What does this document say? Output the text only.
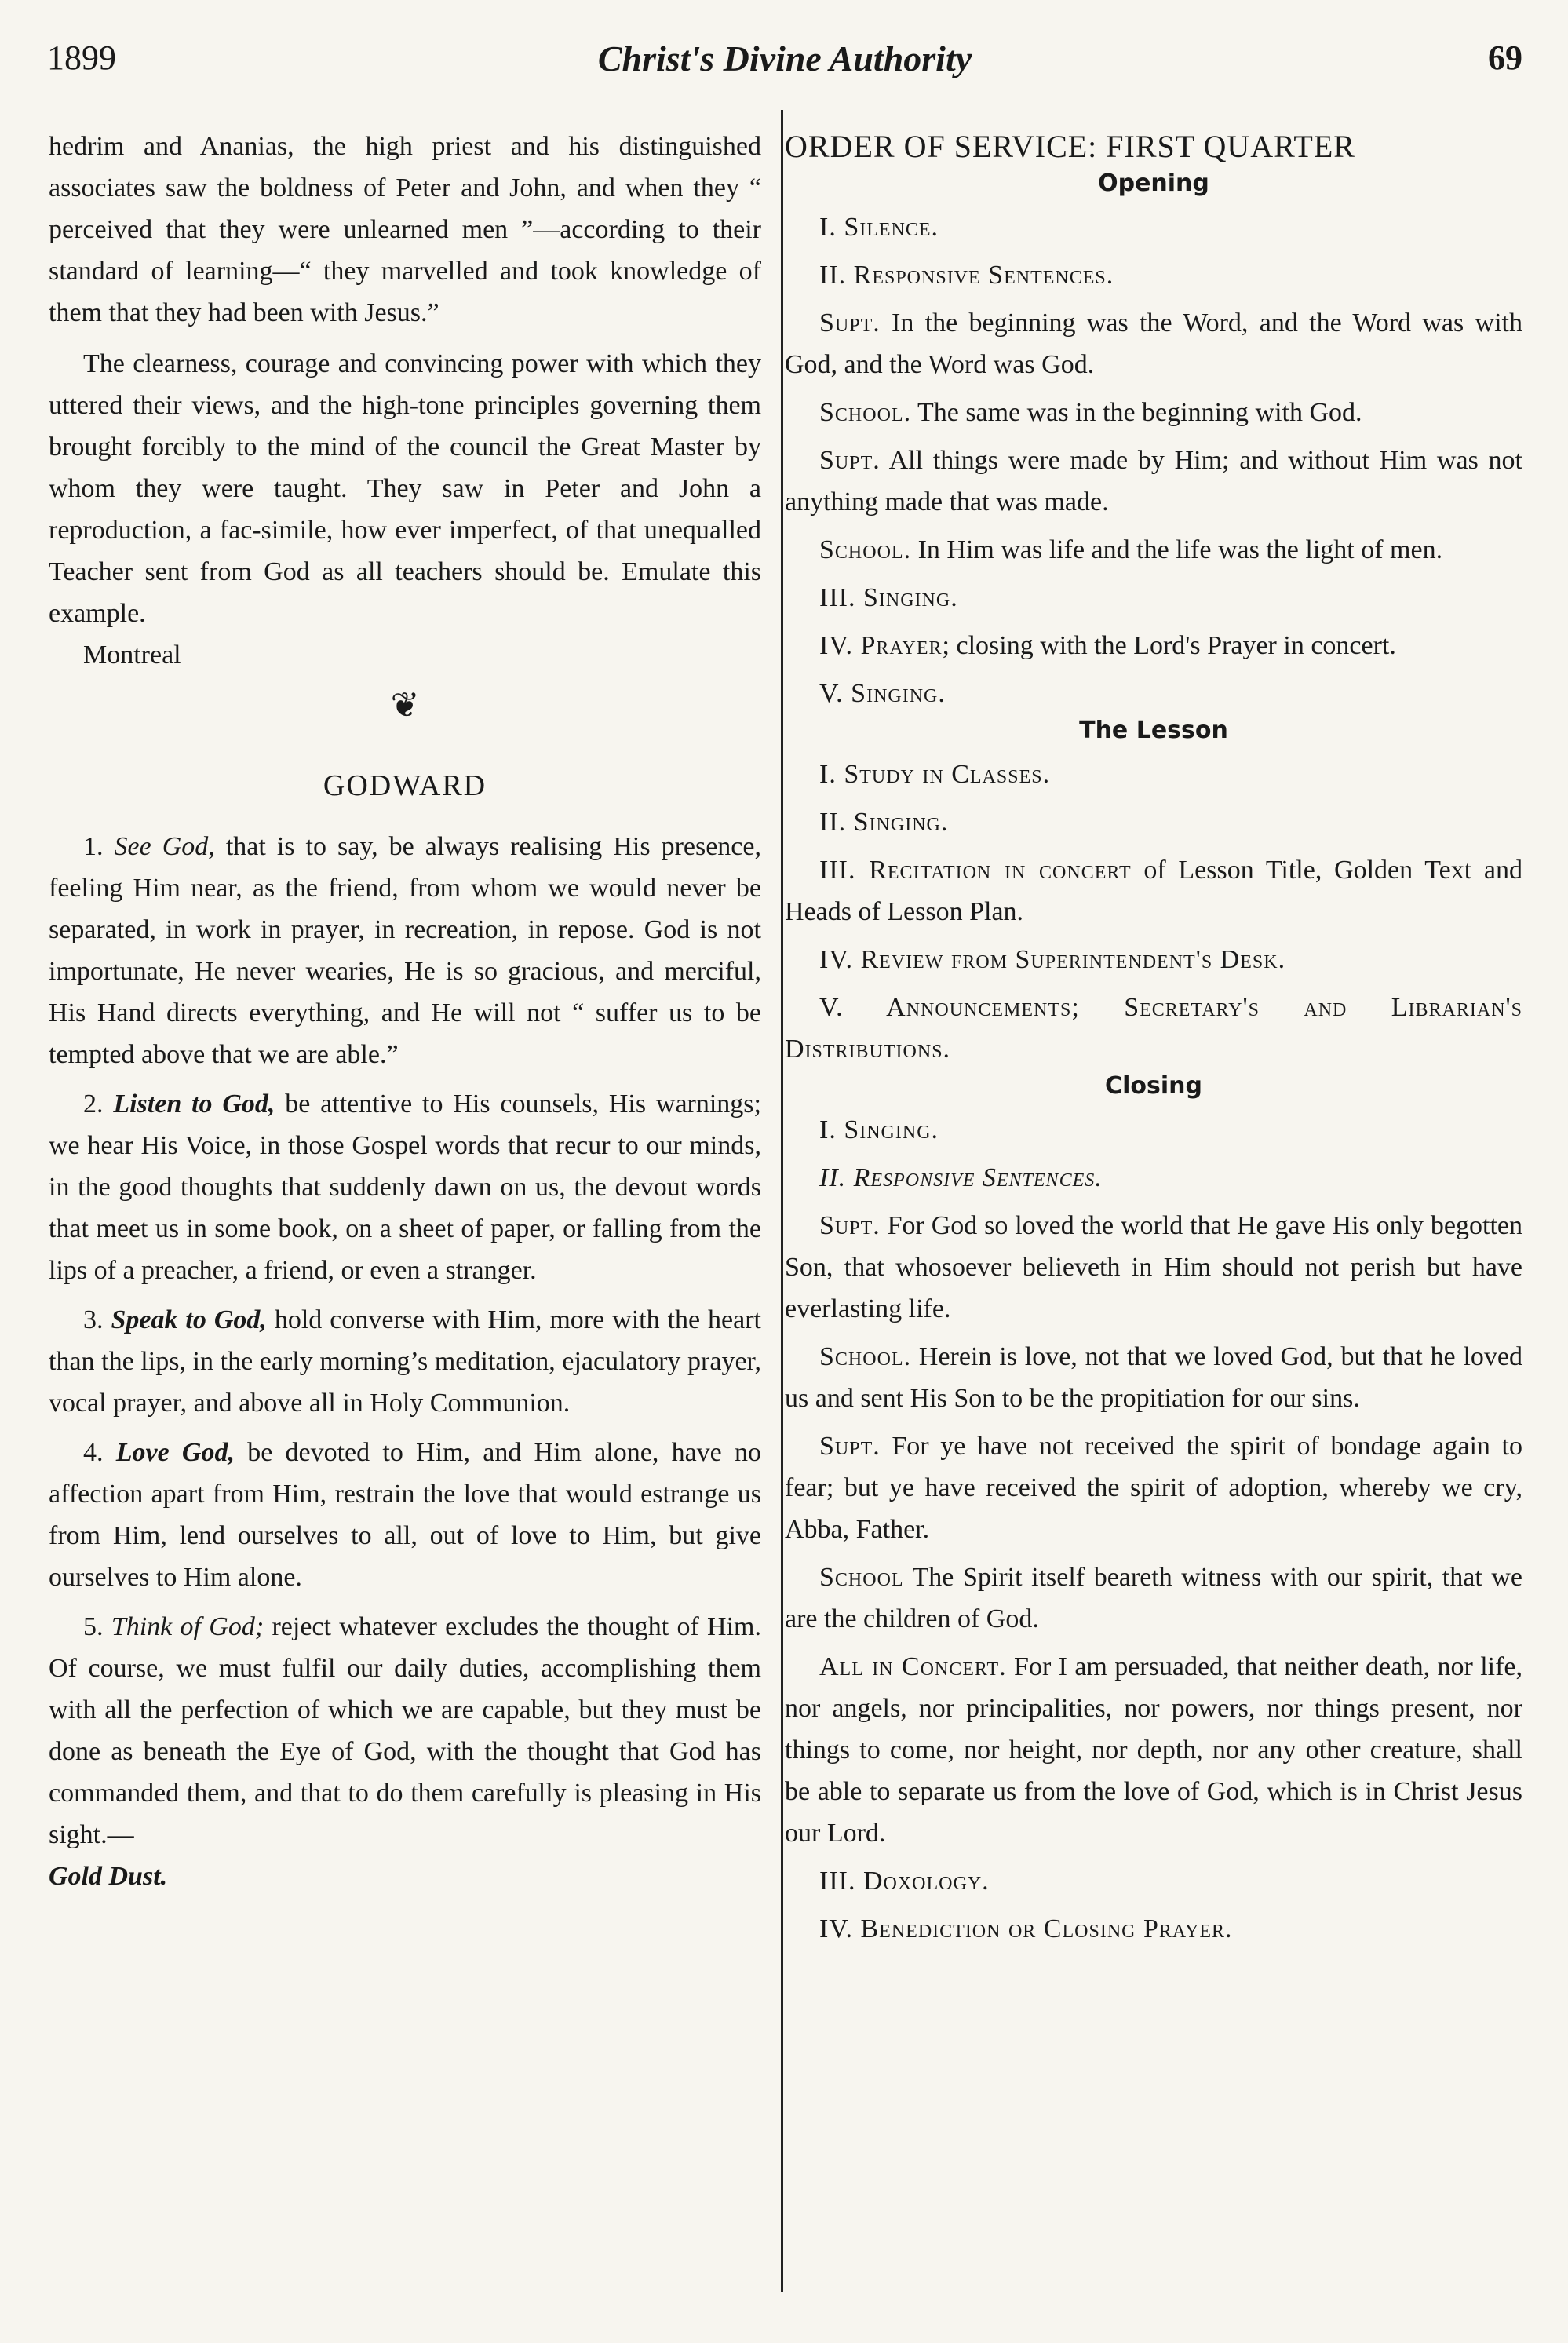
1899	Christ's Divine Authority	69

hedrim and Ananias, the high priest and his distinguished associates saw the boldness of Peter and John, and when they “ perceived that they were unlearned men ”—according to their standard of learning—“ they marvelled and took knowledge of them that they had been with Jesus.”

The clearness, courage and convincing power with which they uttered their views, and the high-tone principles governing them brought forcibly to the mind of the council the Great Master by whom they were taught. They saw in Peter and John a reproduction, a fac-simile, how ever imperfect, of that unequalled Teacher sent from God as all teachers should be. Emulate this example.

Montreal

❦
GODWARD

1. See God, that is to say, be always realising His presence, feeling Him near, as the friend, from whom we would never be separated, in work in prayer, in recreation, in repose. God is not importunate, He never wearies, He is so gracious, and merciful, His Hand directs everything, and He will not “ suffer us to be tempted above that we are able.”

2. Listen to God, be attentive to His counsels, His warnings; we hear His Voice, in those Gospel words that recur to our minds, in the good thoughts that suddenly dawn on us, the devout words that meet us in some book, on a sheet of paper, or falling from the lips of a preacher, a friend, or even a stranger.

3. Speak to God, hold converse with Him, more with the heart than the lips, in the early morning’s meditation, ejaculatory prayer, vocal prayer, and above all in Holy Communion.

4. Love God, be devoted to Him, and Him alone, have no affection apart from Him, restrain the love that would estrange us from Him, lend ourselves to all, out of love to Him, but give ourselves to Him alone.

5. Think of God; reject whatever excludes the thought of Him. Of course, we must fulfil our daily duties, accomplishing them with all the perfection of which we are capable, but they must be done as beneath the Eye of God, with the thought that God has commanded them, and that to do them carefully is pleasing in His sight.—
Gold Dust.

ORDER OF SERVICE: FIRST QUARTER
Opening

I. Silence.

II. Responsive Sentences.

Supt. In the beginning was the Word, and the Word was with God, and the Word was God.

School. The same was in the beginning with God.

Supt. All things were made by Him; and without Him was not anything made that was made.

School. In Him was life and the life was the light of men.

III. Singing.

IV. Prayer; closing with the Lord's Prayer in concert.

V. Singing.

The Lesson

I. Study in Classes.

II. Singing.

III. Recitation in concert of Lesson Title, Golden Text and Heads of Lesson Plan.

IV. Review from Superintendent's Desk.

V. Announcements; Secretary's and Librarian's Distributions.

Closing

I. Singing.

II. Responsive Sentences.

Supt. For God so loved the world that He gave His only begotten Son, that whosoever believeth in Him should not perish but have everlasting life.

School. Herein is love, not that we loved God, but that he loved us and sent His Son to be the propitiation for our sins.

Supt. For ye have not received the spirit of bondage again to fear; but ye have received the spirit of adoption, whereby we cry, Abba, Father.

School The Spirit itself beareth witness with our spirit, that we are the children of God.

All in Concert. For I am persuaded, that neither death, nor life, nor angels, nor principalities, nor powers, nor things present, nor things to come, nor height, nor depth, nor any other creature, shall be able to separate us from the love of God, which is in Christ Jesus our Lord.

III. Doxology.

IV. Benediction or Closing Prayer.
